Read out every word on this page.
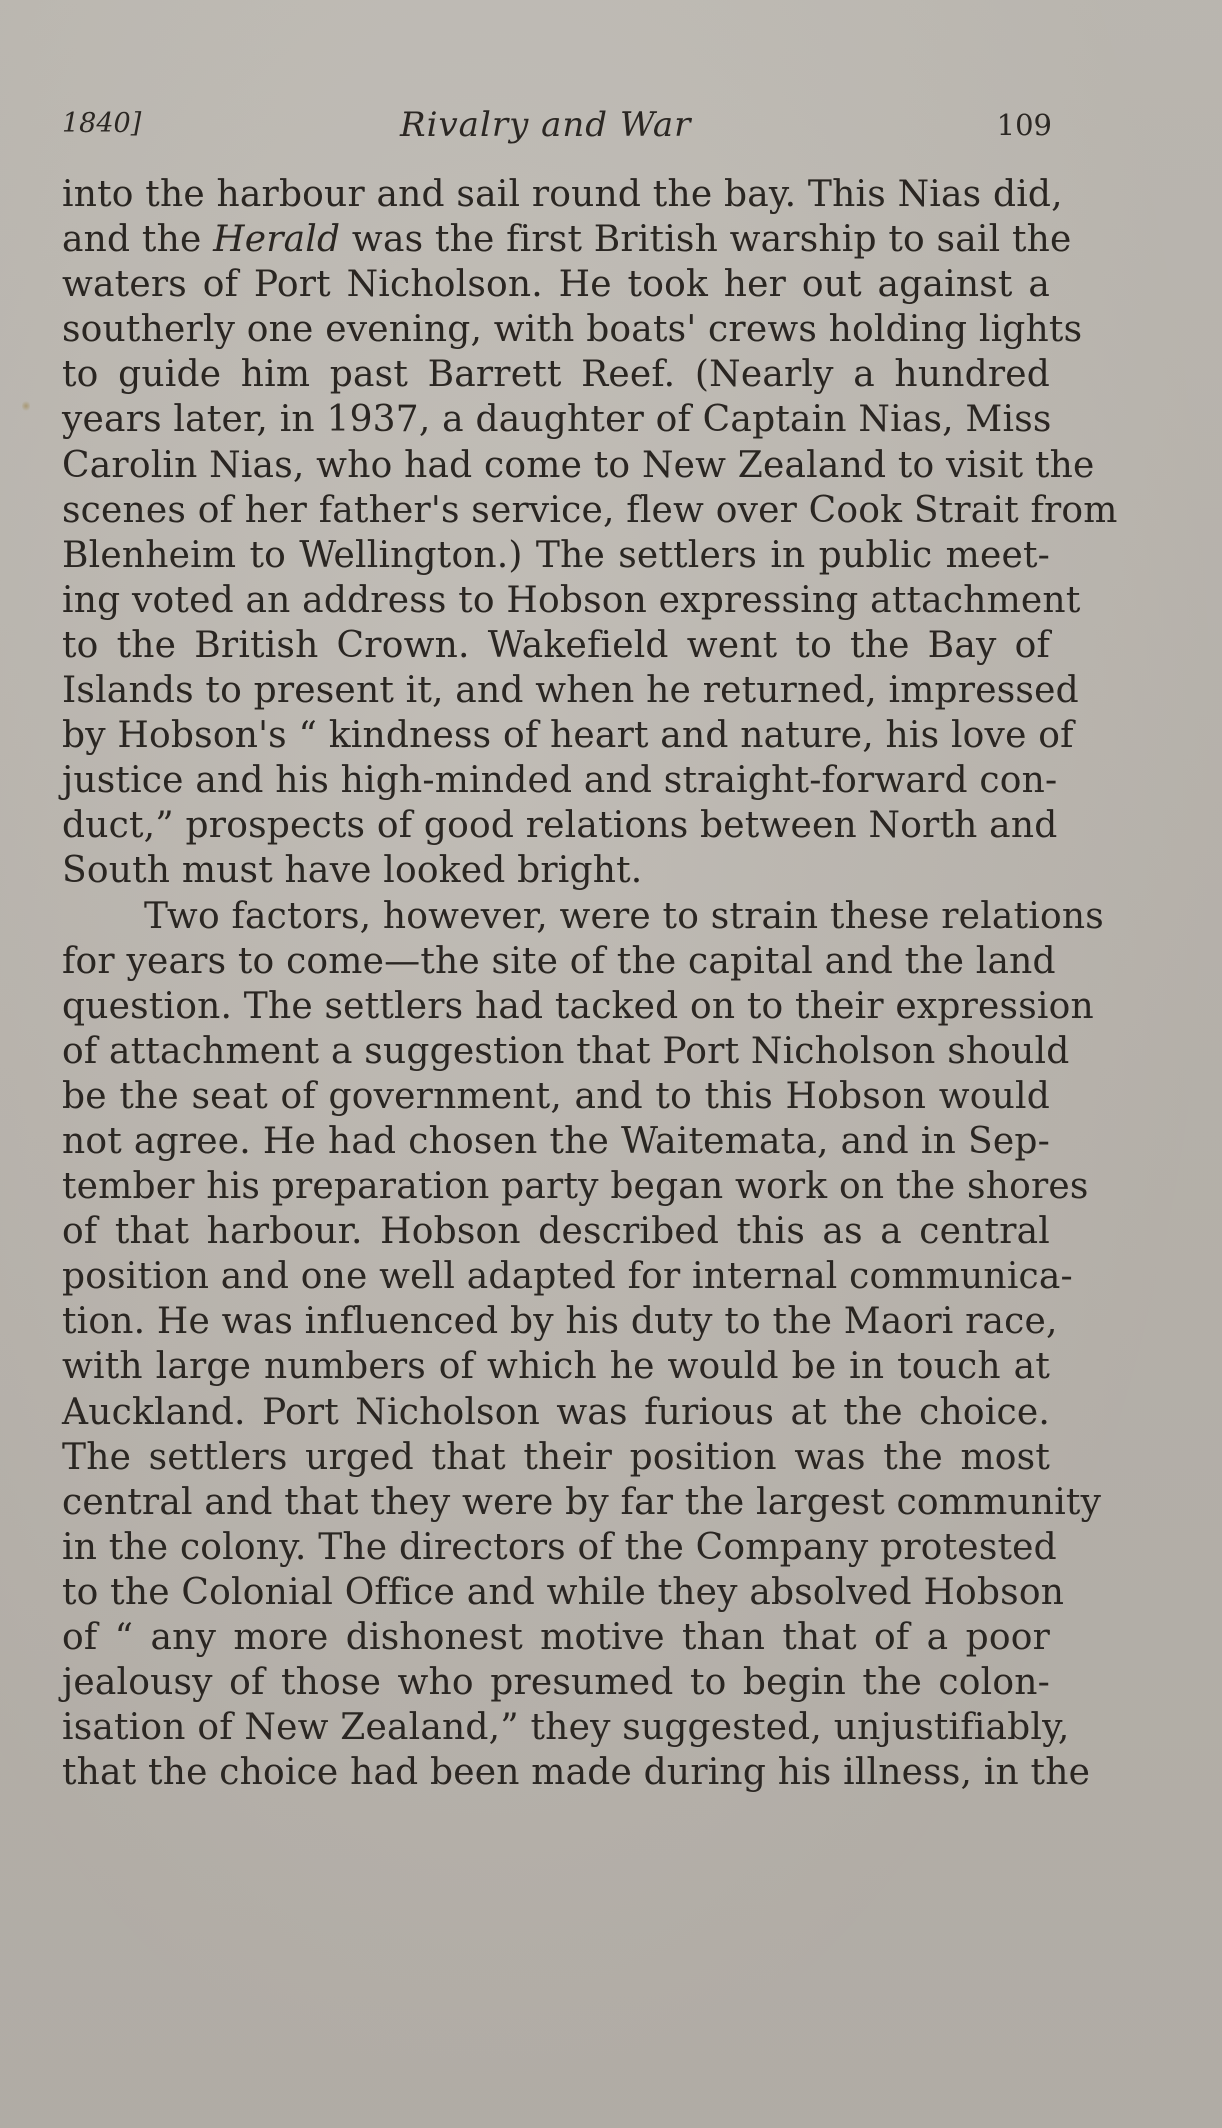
1840]	Rivalry and War	109
into the harbour and sail round the bay. This Nias did,
and the Herald was the first British warship to sail the
waters of Port Nicholson. He took her out against a
southerly one evening, with boats' crews holding lights
to guide him past Barrett Reef. (Nearly a hundred
years later, in 1937, a daughter of Captain Nias, Miss
Carolin Nias, who had come to New Zealand to visit the
scenes of her father's service, flew over Cook Strait from
Blenheim to Wellington.) The settlers in public meet-
ing voted an address to Hobson expressing attachment
to the British Crown. Wakefield went to the Bay of
Islands to present it, and when he returned, impressed
by Hobson's “ kindness of heart and nature, his love of
justice and his high-minded and straight-forward con-
duct,” prospects of good relations between North and
South must have looked bright.
Two factors, however, were to strain these relations
for years to come—the site of the capital and the land
question. The settlers had tacked on to their expression
of attachment a suggestion that Port Nicholson should
be the seat of government, and to this Hobson would
not agree. He had chosen the Waitemata, and in Sep-
tember his preparation party began work on the shores
of that harbour. Hobson described this as a central
position and one well adapted for internal communica-
tion. He was influenced by his duty to the Maori race,
with large numbers of which he would be in touch at
Auckland. Port Nicholson was furious at the choice.
The settlers urged that their position was the most
central and that they were by far the largest community
in the colony. The directors of the Company protested
to the Colonial Office and while they absolved Hobson
of “ any more dishonest motive than that of a poor
jealousy of those who presumed to begin the colon-
isation of New Zealand,” they suggested, unjustifiably,
that the choice had been made during his illness, in the
